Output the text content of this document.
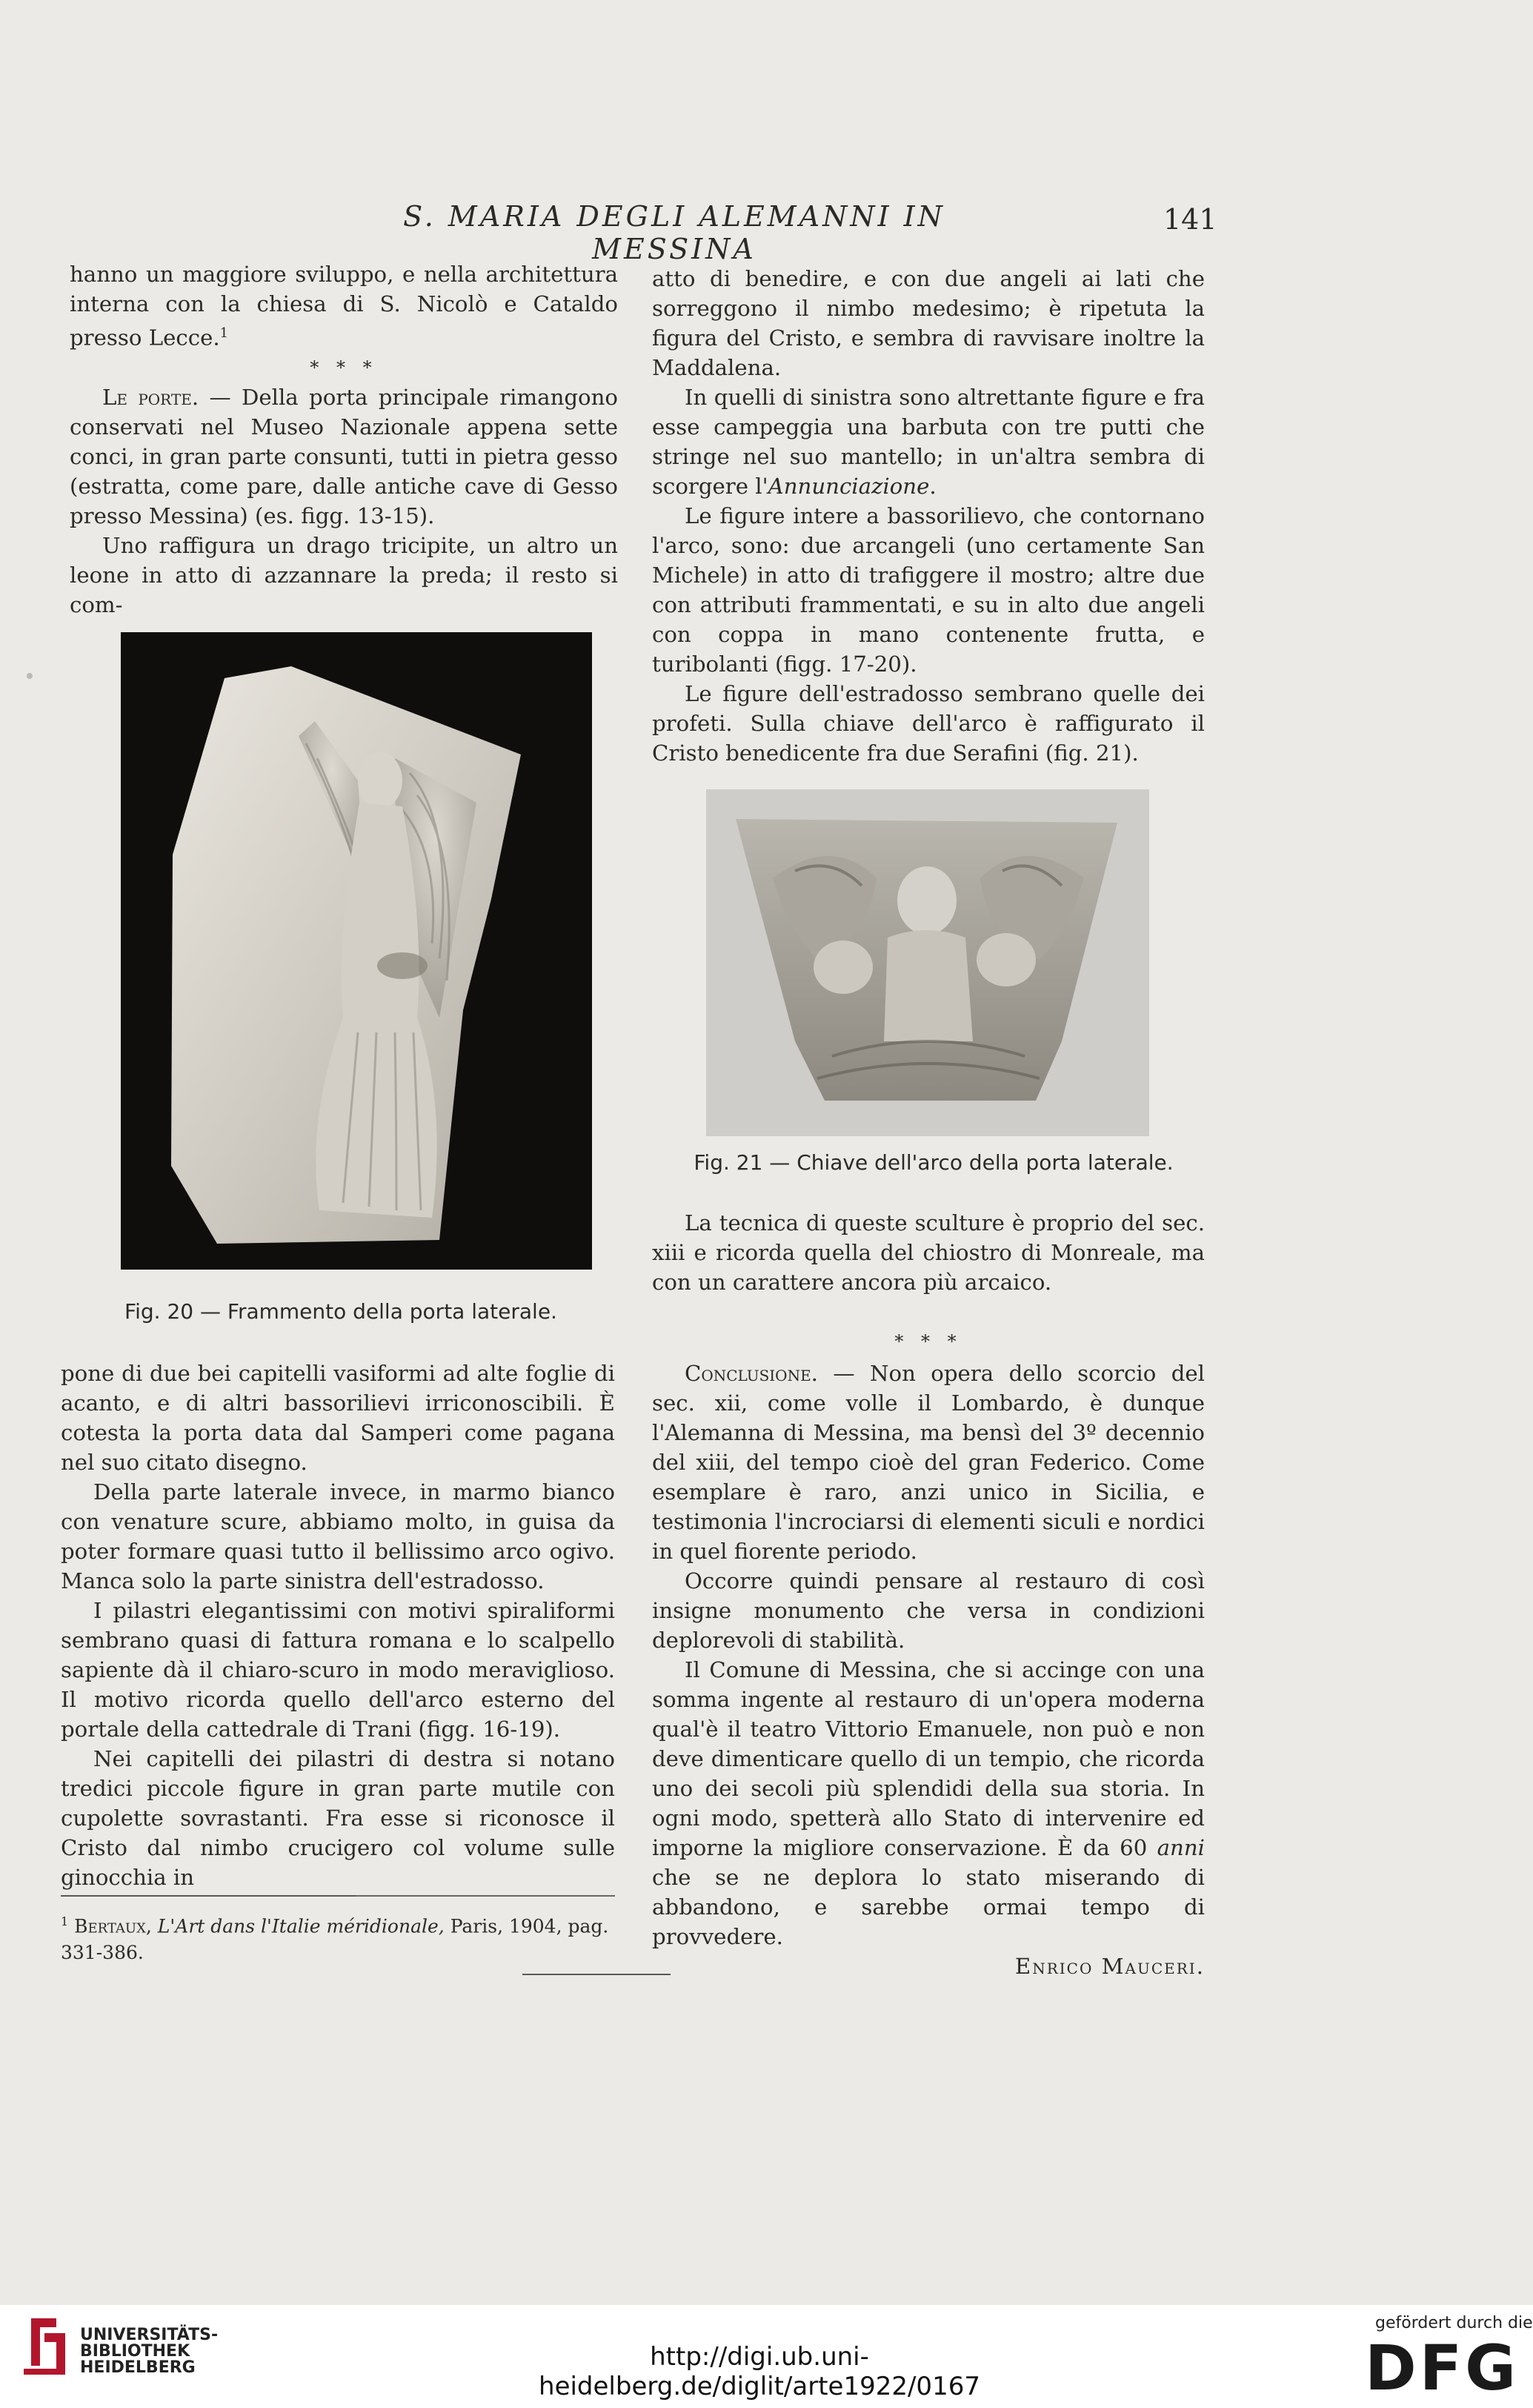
S. MARIA DEGLI ALEMANNI IN MESSINA
141

hanno un maggiore sviluppo, e nella architettura interna con la chiesa di S. Nicolò e Cataldo presso Lecce.$^1$

* * *

Le porte. — Della porta principale rimangono conservati nel Museo Nazionale appena sette conci, in gran parte consunti, tutti in pietra gesso (estratta, come pare, dalle antiche cave di Gesso presso Messina) (es. figg. 13-15).

Uno raffigura un drago tricipite, un altro un leone in atto di azzannare la preda; il resto si com-

atto di benedire, e con due angeli ai lati che sorreggono il nimbo medesimo; è ripetuta la figura del Cristo, e sembra di ravvisare inoltre la Maddalena.

In quelli di sinistra sono altrettante figure e fra esse campeggia una barbuta con tre putti che stringe nel suo mantello; in un'altra sembra di scorgere l'Annunciazione.

Le figure intere a bassorilievo, che contornano l'arco, sono: due arcangeli (uno certamente San Michele) in atto di trafiggere il mostro; altre due con attributi frammentati, e su in alto due angeli con coppa in mano contenente frutta, e turibolanti (figg. 17-20).

Le figure dell'estradosso sembrano quelle dei profeti. Sulla chiave dell'arco è raffigurato il Cristo benedicente fra due Serafini (fig. 21).

Fig. 20 — Frammento della porta laterale.
Fig. 21 — Chiave dell'arco della porta laterale.

La tecnica di queste sculture è proprio del sec. xiii e ricorda quella del chiostro di Monreale, ma con un carattere ancora più arcaico.

* * *

pone di due bei capitelli vasiformi ad alte foglie di acanto, e di altri bassorilievi irriconoscibili. È cotesta la porta data dal Samperi come pagana nel suo citato disegno.

Della parte laterale invece, in marmo bianco con venature scure, abbiamo molto, in guisa da poter formare quasi tutto il bellissimo arco ogivo. Manca solo la parte sinistra dell'estradosso.

I pilastri elegantissimi con motivi spiraliformi sembrano quasi di fattura romana e lo scalpello sapiente dà il chiaro-scuro in modo meraviglioso. Il motivo ricorda quello dell'arco esterno del portale della cattedrale di Trani (figg. 16-19).

Nei capitelli dei pilastri di destra si notano tredici piccole figure in gran parte mutile con cupolette sovrastanti. Fra esse si riconosce il Cristo dal nimbo crucigero col volume sulle ginocchia in

Conclusione. — Non opera dello scorcio del sec. xii, come volle il Lombardo, è dunque l'Alemanna di Messina, ma bensì del 3º decennio del xiii, del tempo cioè del gran Federico. Come esemplare è raro, anzi unico in Sicilia, e testimonia l'incrociarsi di elementi siculi e nordici in quel fiorente periodo.

Occorre quindi pensare al restauro di così insigne monumento che versa in condizioni deplorevoli di stabilità.

Il Comune di Messina, che si accinge con una somma ingente al restauro di un'opera moderna qual'è il teatro Vittorio Emanuele, non può e non deve dimenticare quello di un tempio, che ricorda uno dei secoli più splendidi della sua storia. In ogni modo, spetterà allo Stato di intervenire ed imporne la migliore conservazione. È da 60 anni che se ne deplora lo stato miserando di abbandono, e sarebbe ormai tempo di provvedere.

Enrico Mauceri.

$^1$ Bertaux, L'Art dans l'Italie méridionale, Paris, 1904, pag. 331-386.
UNIVERSITÄTS-
BIBLIOTHEK
HEIDELBERG	http://digi.ub.uni-heidelberg.de/diglit/arte1922/0167
gefördert durch die
DFG
